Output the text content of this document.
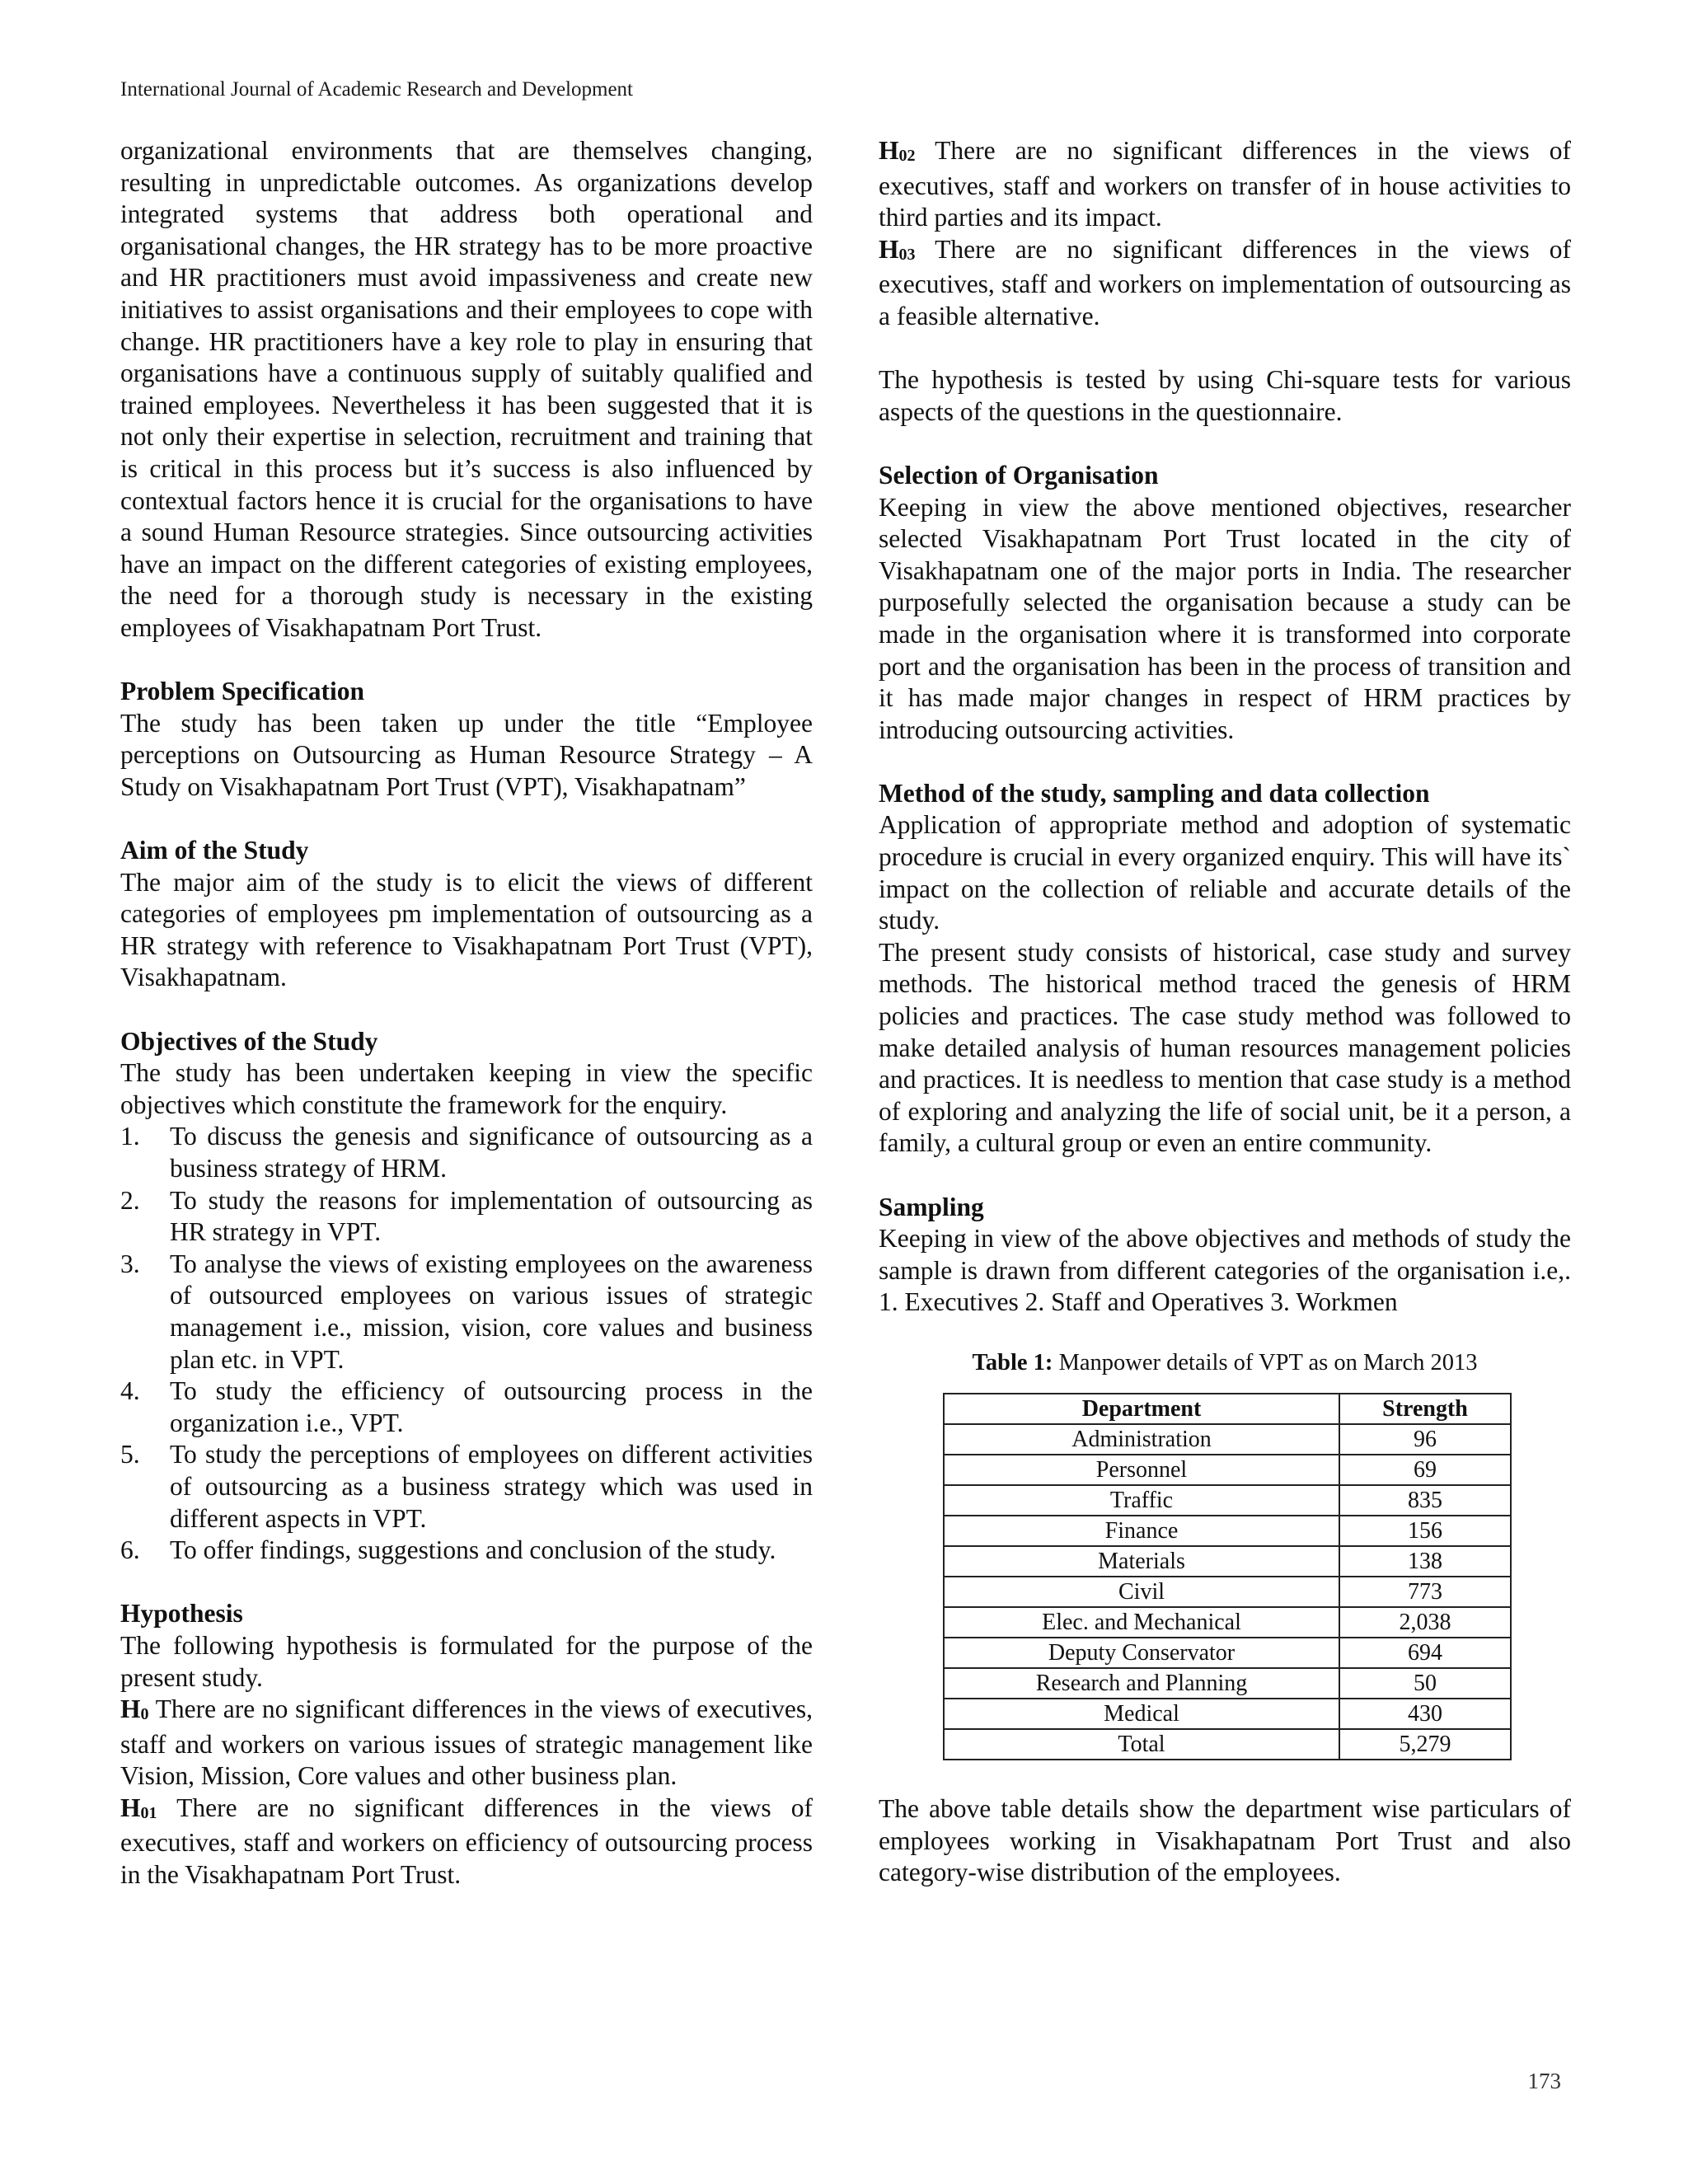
International Journal of Academic Research and Development

organizational environments that are themselves changing, resulting in unpredictable outcomes. As organizations develop integrated systems that address both operational and organisational changes, the HR strategy has to be more proactive and HR practitioners must avoid impassiveness and create new initiatives to assist organisations and their employees to cope with change. HR practitioners have a key role to play in ensuring that organisations have a continuous supply of suitably qualified and trained employees. Nevertheless it has been suggested that it is not only their expertise in selection, recruitment and training that is critical in this process but it’s success is also influenced by contextual factors hence it is crucial for the organisations to have a sound Human Resource strategies. Since outsourcing activities have an impact on the different categories of existing employees, the need for a thorough study is necessary in the existing employees of Visakhapatnam Port Trust.

Problem Specification

The study has been taken up under the title “Employee perceptions on Outsourcing as Human Resource Strategy – A Study on Visakhapatnam Port Trust (VPT), Visakhapatnam”

Aim of the Study

The major aim of the study is to elicit the views of different categories of employees pm implementation of outsourcing as a HR strategy with reference to Visakhapatnam Port Trust (VPT), Visakhapatnam.

Objectives of the Study

The study has been undertaken keeping in view the specific objectives which constitute the framework for the enquiry.

1. To discuss the genesis and significance of outsourcing as a business strategy of HRM.
2. To study the reasons for implementation of outsourcing as HR strategy in VPT.
3. To analyse the views of existing employees on the awareness of outsourced employees on various issues of strategic management i.e., mission, vision, core values and business plan etc. in VPT.
4. To study the efficiency of outsourcing process in the organization i.e., VPT.
5. To study the perceptions of employees on different activities of outsourcing as a business strategy which was used in different aspects in VPT.
6. To offer findings, suggestions and conclusion of the study.
Hypothesis

The following hypothesis is formulated for the purpose of the present study.

$H_0$ There are no significant differences in the views of executives, staff and workers on various issues of strategic management like Vision, Mission, Core values and other business plan.

$H_{01}$ There are no significant differences in the views of executives, staff and workers on efficiency of outsourcing process in the Visakhapatnam Port Trust.

$H_{02}$ There are no significant differences in the views of executives, staff and workers on transfer of in house activities to third parties and its impact.

$H_{03}$ There are no significant differences in the views of executives, staff and workers on implementation of outsourcing as a feasible alternative.

The hypothesis is tested by using Chi-square tests for various aspects of the questions in the questionnaire.

Selection of Organisation

Keeping in view the above mentioned objectives, researcher selected Visakhapatnam Port Trust located in the city of Visakhapatnam one of the major ports in India. The researcher purposefully selected the organisation because a study can be made in the organisation where it is transformed into corporate port and the organisation has been in the process of transition and it has made major changes in respect of HRM practices by introducing outsourcing activities.

Method of the study, sampling and data collection

Application of appropriate method and adoption of systematic procedure is crucial in every organized enquiry. This will have its` impact on the collection of reliable and accurate details of the study.

The present study consists of historical, case study and survey methods. The historical method traced the genesis of HRM policies and practices. The case study method was followed to make detailed analysis of human resources management policies and practices. It is needless to mention that case study is a method of exploring and analyzing the life of social unit, be it a person, a family, a cultural group or even an entire community.

Sampling

Keeping in view of the above objectives and methods of study the sample is drawn from different categories of the organisation i.e,. 1. Executives 2. Staff and Operatives 3. Workmen

Table 1: Manpower details of VPT as on March 2013
Department	Strength
Administration	96
Personnel	69
Traffic	835
Finance	156
Materials	138
Civil	773
Elec. and Mechanical	2,038
Deputy Conservator	694
Research and Planning	50
Medical	430
Total	5,279

The above table details show the department wise particulars of employees working in Visakhapatnam Port Trust and also category-wise distribution of the employees.

173
